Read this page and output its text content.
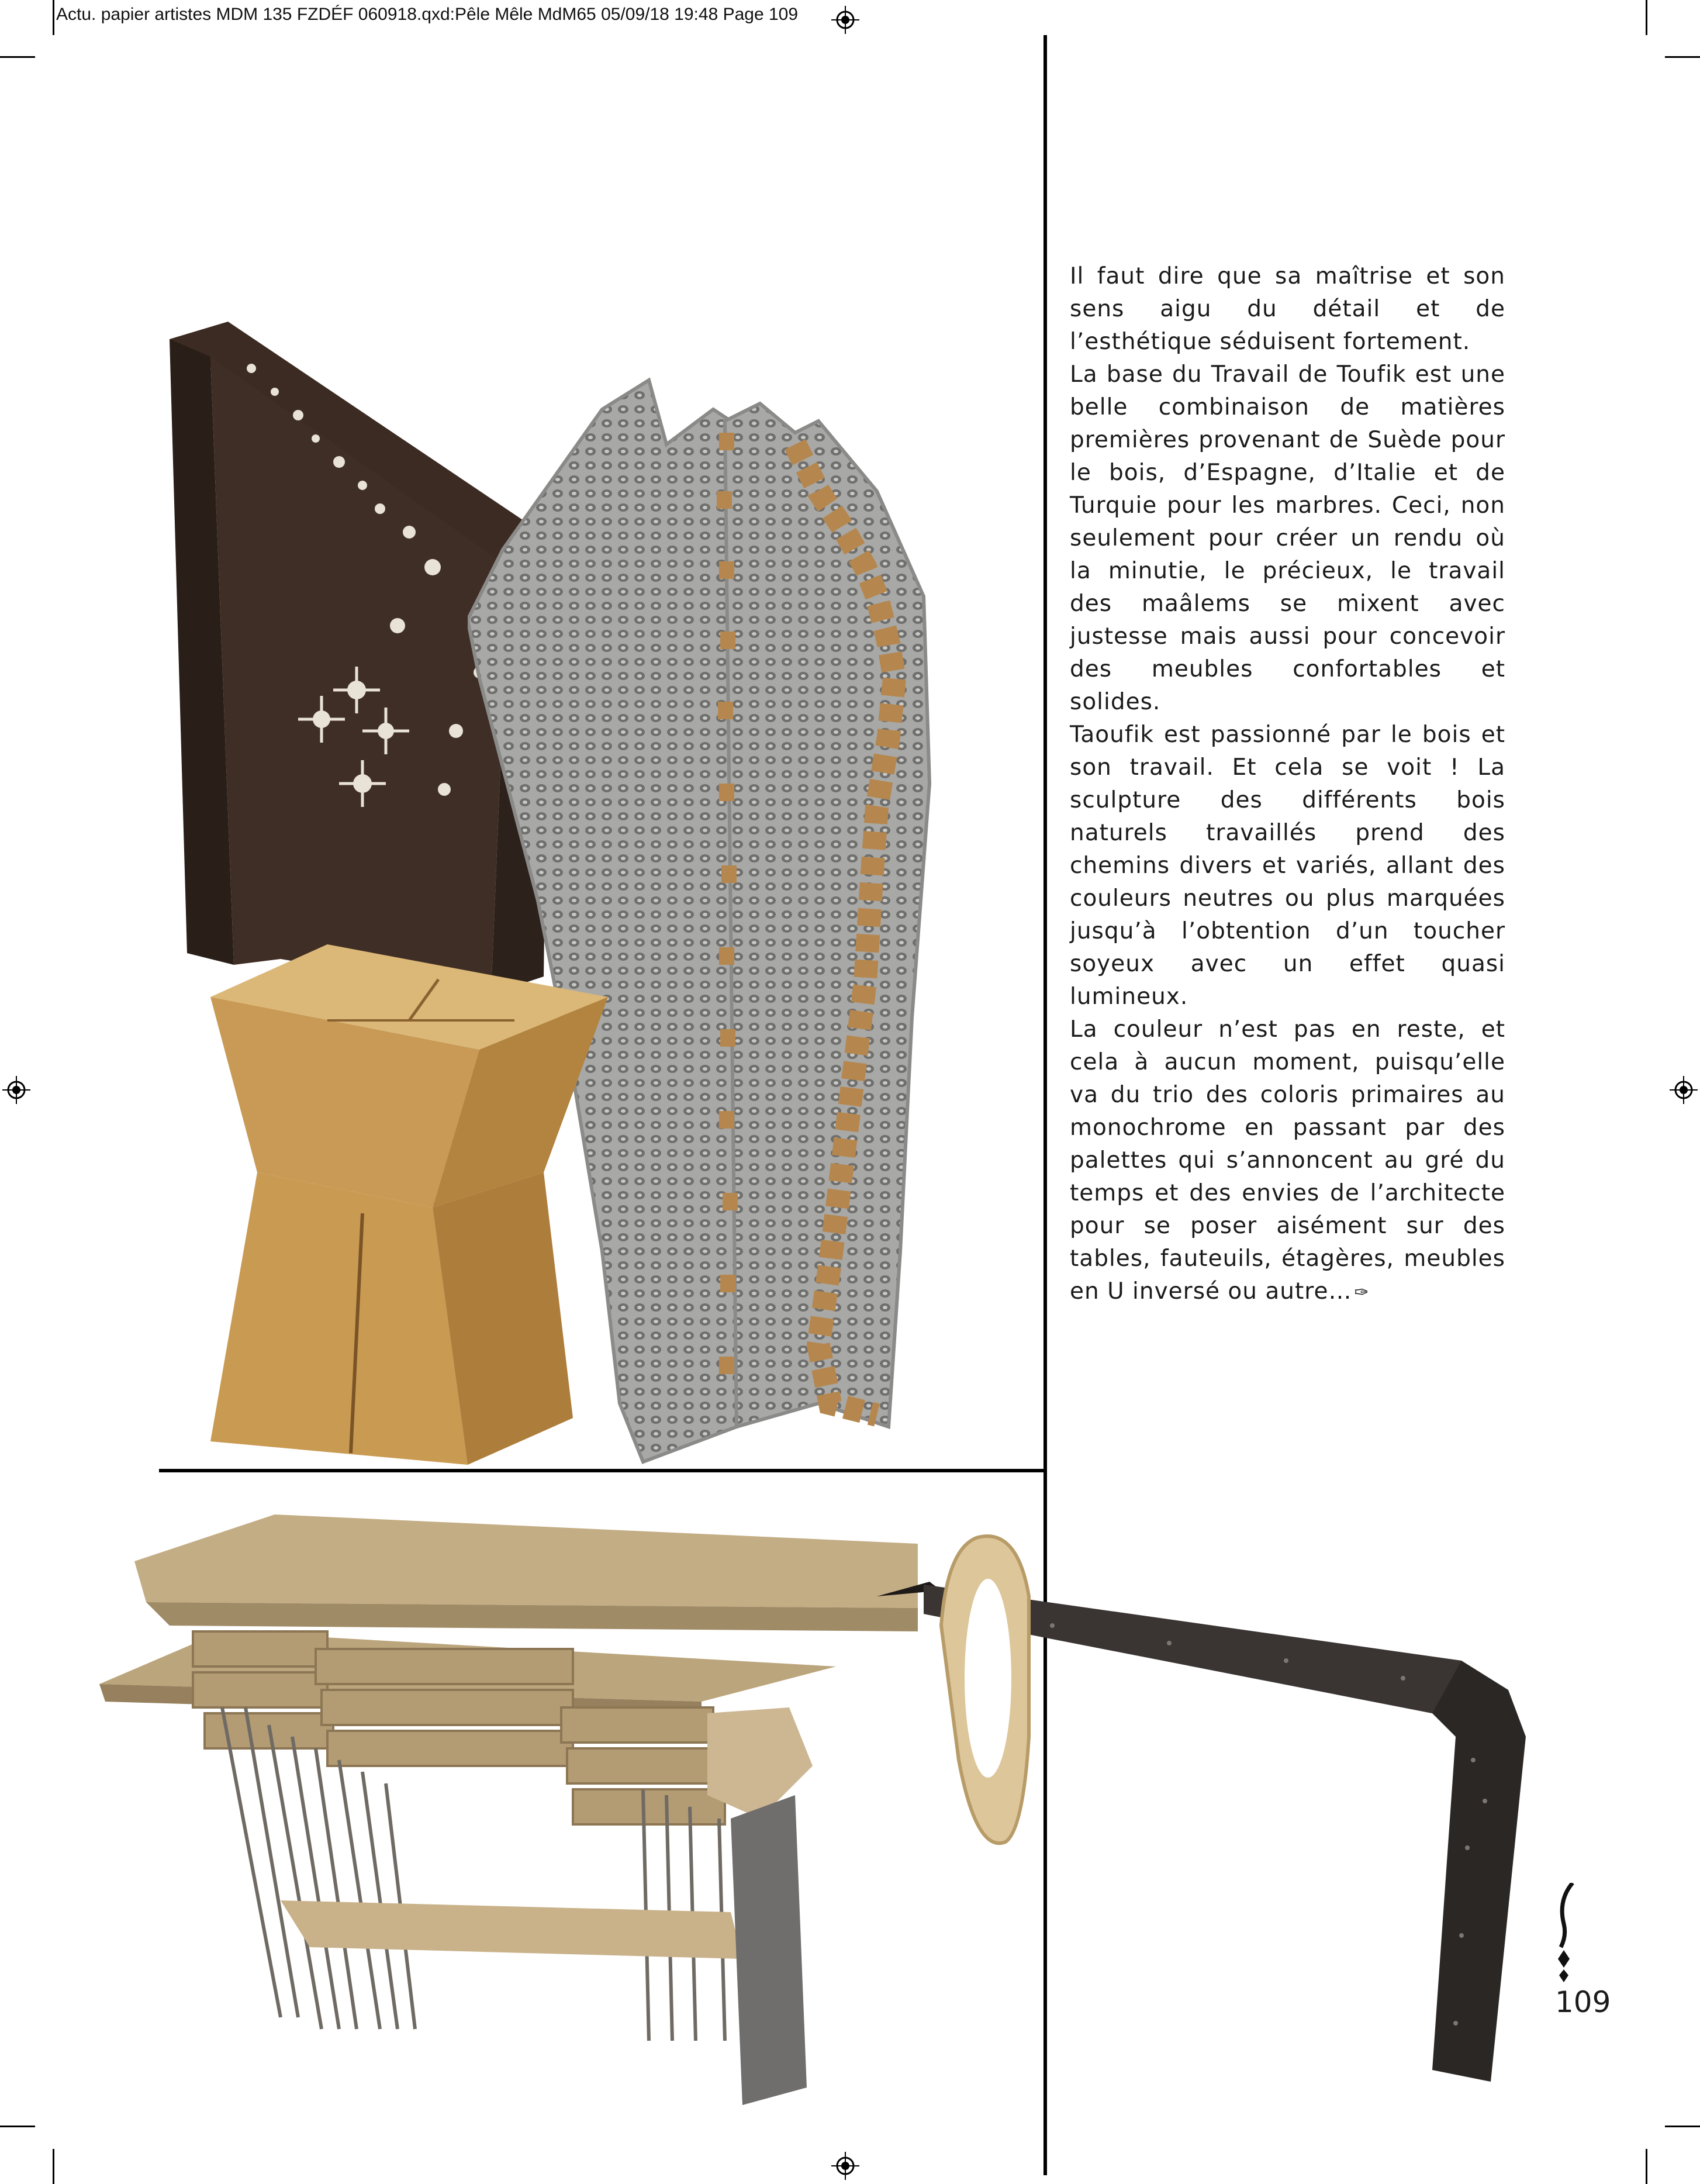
Actu. papier artistes MDM 135 FZDÉF 060918.qxd:Pêle Mêle MdM65 05/09/18 19:48 Page 109

Il faut dire que sa maîtrise et son sens aigu du détail et de l’esthétique séduisent fortement.

La base du Travail de Toufik est une belle combinaison de matières premières provenant de Suède pour le bois, d’Espagne, d’Italie et de Turquie pour les marbres. Ceci, non seulement pour créer un rendu où la minutie, le précieux, le travail des maâlems se mixent avec justesse mais aussi pour concevoir des meubles confortables et solides.

Taoufik est passionné par le bois et son travail. Et cela se voit ! La sculpture des différents bois naturels travaillés prend des chemins divers et variés, allant des couleurs neutres ou plus marquées jusqu’à l’obtention d’un toucher soyeux avec un effet quasi lumineux.

La couleur n’est pas en reste, et cela à aucun moment, puisqu’elle va du trio des coloris primaires au monochrome en passant par des palettes qui s’annoncent au gré du temps et des envies de l’architecte pour se poser aisément sur des tables, fauteuils, étagères, meubles en U inversé ou autre… ✑

109
